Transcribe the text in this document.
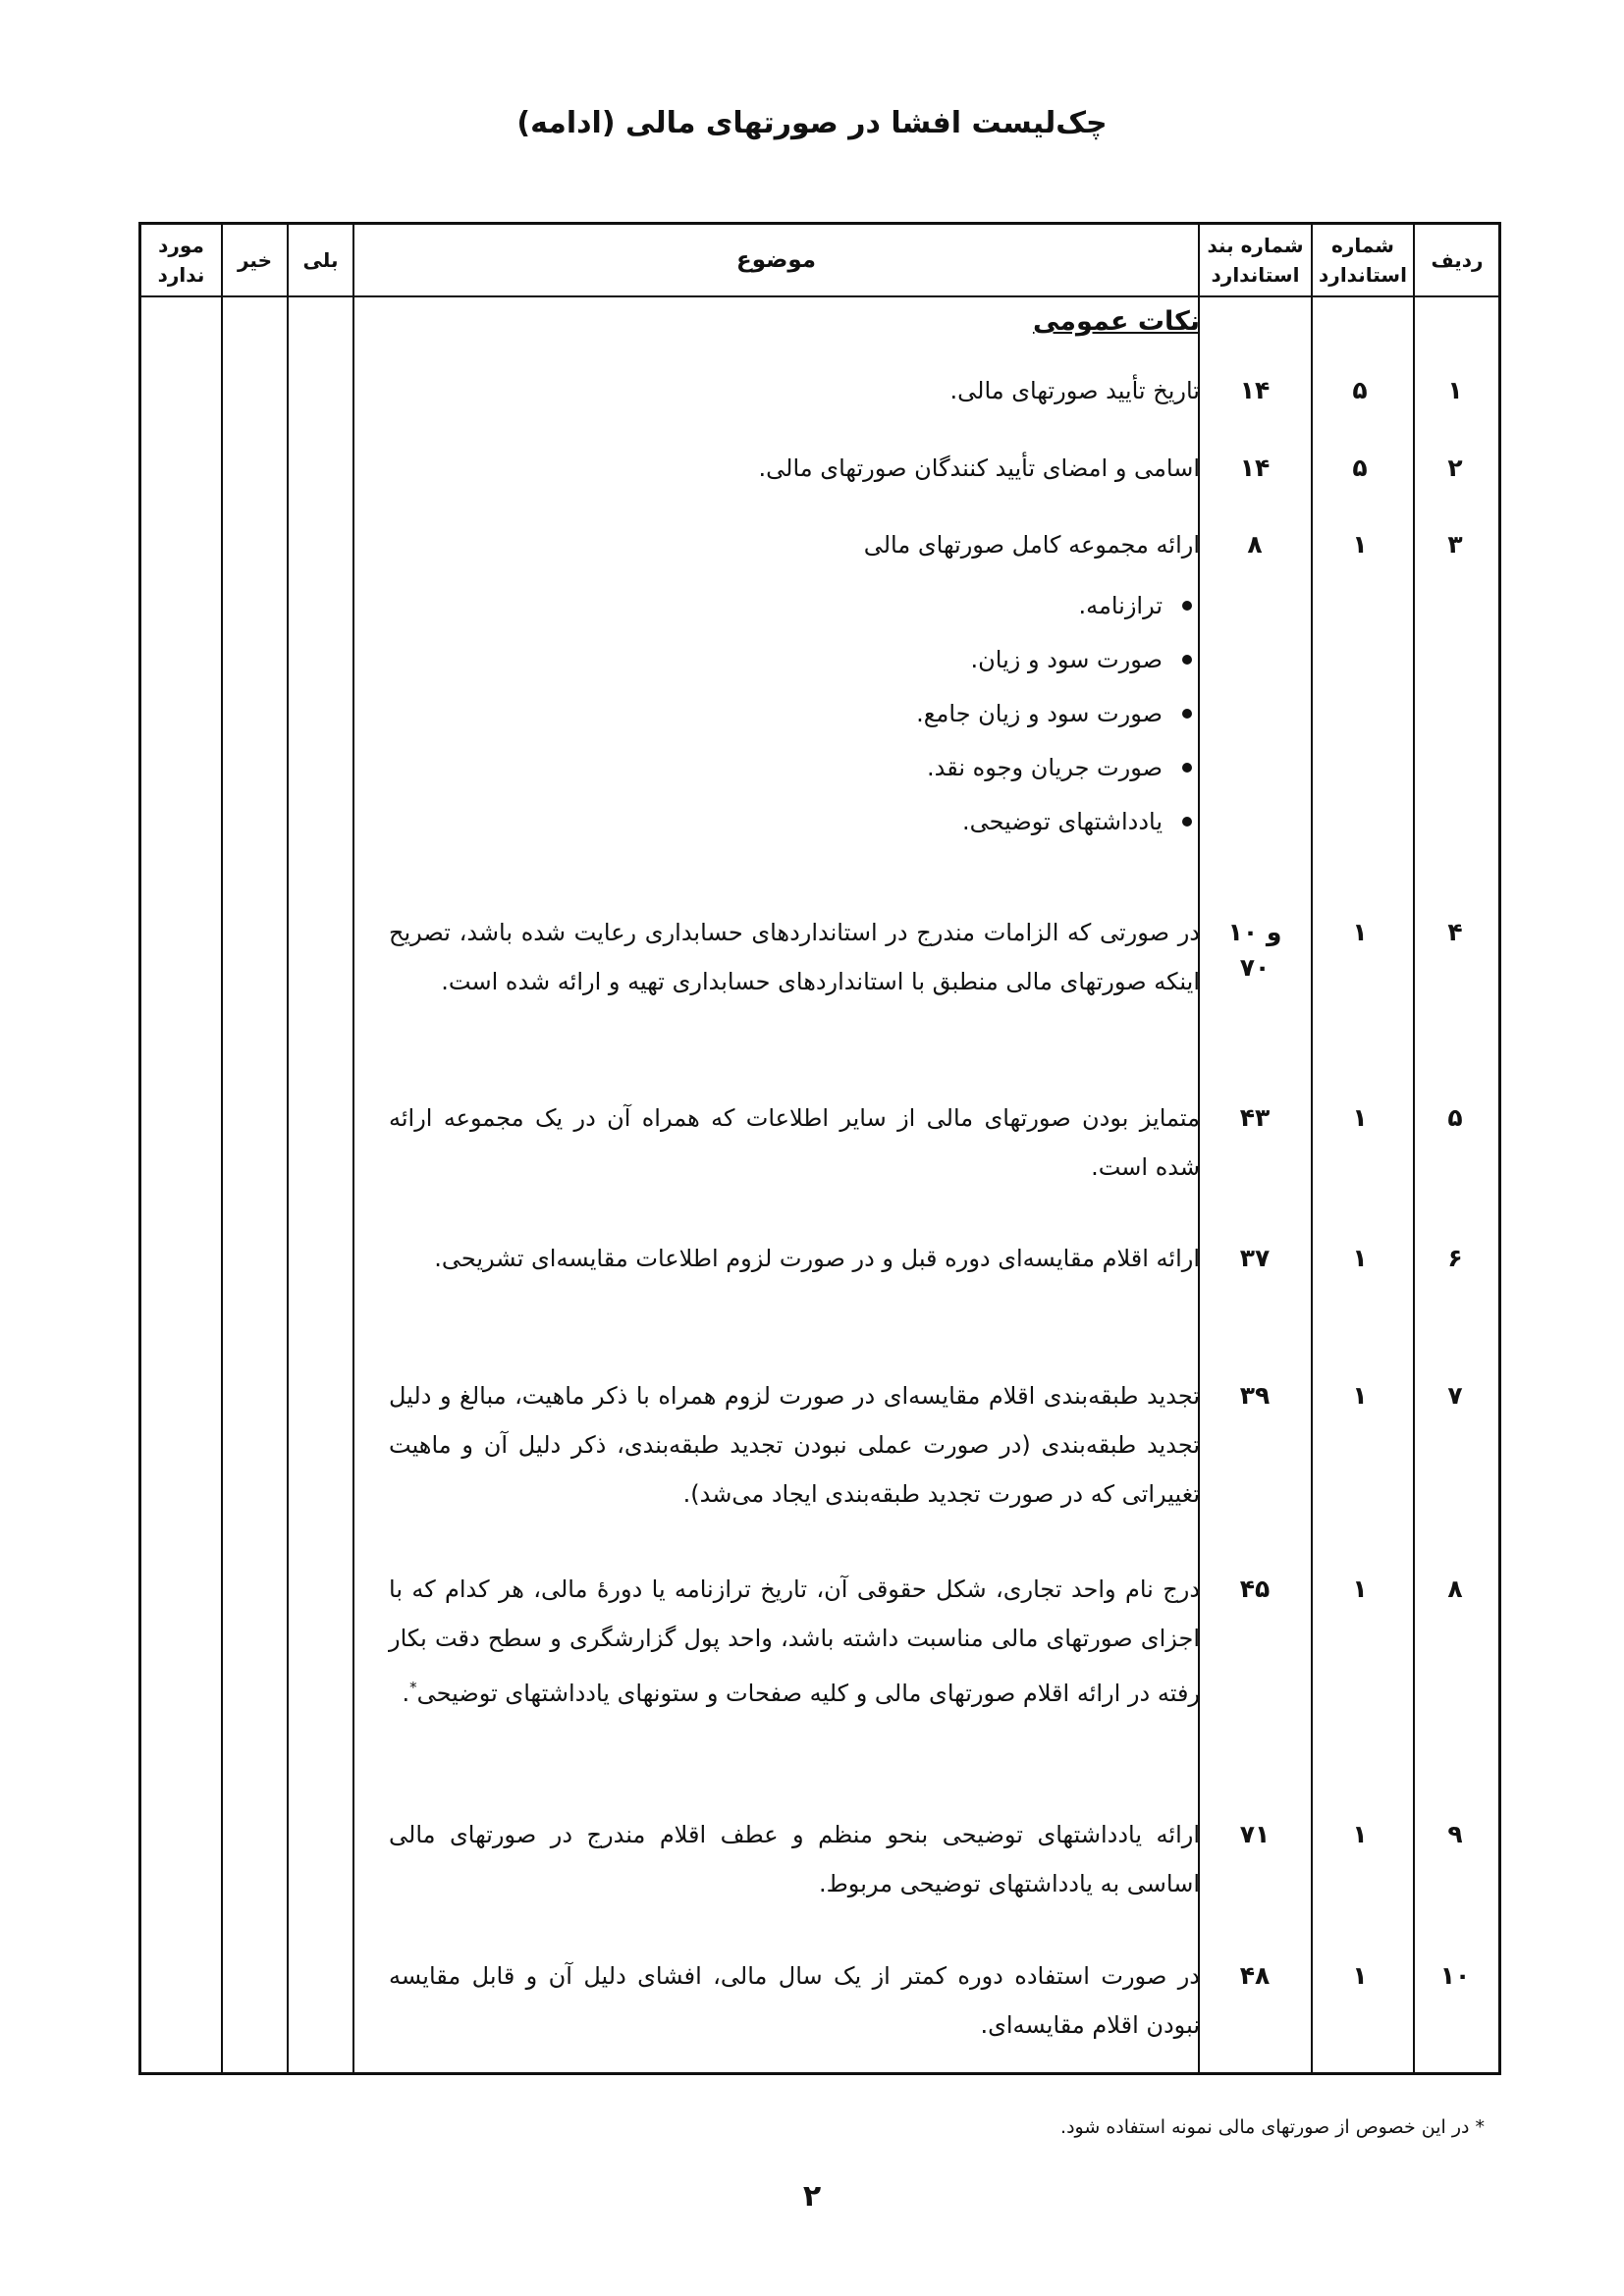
چک‌لیست افشا در صورتهای مالی (ادامه)
ردیف
شماره استاندارد
شماره بند استاندارد
موضوع
بلی
خیر
مورد ندارد
نکات عمومی
۱
۵
۱۴
تاریخ تأیید صورتهای مالی.
۲
۵
۱۴
اسامی و امضای تأیید کنندگان صورتهای مالی.
۳
۱
۸
ارائه مجموعه کامل صورتهای مالی
ترازنامه.
صورت سود و زیان.
صورت سود و زیان جامع.
صورت جریان وجوه نقد.
یادداشتهای توضیحی.
۴
۱
۱۰ و ۷۰
در صورتی که الزامات مندرج در استانداردهای حسابداری رعایت شده باشد، تصریح اینکه صورتهای مالی منطبق با استانداردهای حسابداری تهیه و ارائه شده است.
۵
۱
۴۳
متمایز بودن صورتهای مالی از سایر اطلاعات که همراه آن در یک مجموعه ارائه شده است.
۶
۱
۳۷
ارائه اقلام مقایسه‌ای دوره قبل و در صورت لزوم اطلاعات مقایسه‌ای تشریحی.
۷
۱
۳۹
تجدید طبقه‌بندی اقلام مقایسه‌ای در صورت لزوم همراه با ذکر ماهیت، مبالغ و دلیل تجدید طبقه‌بندی (در صورت عملی نبودن تجدید طبقه‌بندی، ذکر دلیل آن و ماهیت تغییراتی که در صورت تجدید طبقه‌بندی ایجاد می‌شد).
۸
۱
۴۵
درج نام واحد تجاری، شکل حقوقی آن، تاریخ ترازنامه یا دورۀ مالی، هر کدام که با اجزای صورتهای مالی مناسبت داشته باشد، واحد پول گزارشگری و سطح دقت بکار رفته در ارائه اقلام صورتهای مالی و کلیه صفحات و ستونهای یادداشتهای توضیحی*.
۹
۱
۷۱
ارائه یادداشتهای توضیحی بنحو منظم و عطف اقلام مندرج در صورتهای مالی اساسی به یادداشتهای توضیحی مربوط.
۱۰
۱
۴۸
در صورت استفاده دوره کمتر از یک سال مالی، افشای دلیل آن و قابل مقایسه نبودن اقلام مقایسه‌ای.
* در این خصوص از صورتهای مالی نمونه استفاده شود.
۲
